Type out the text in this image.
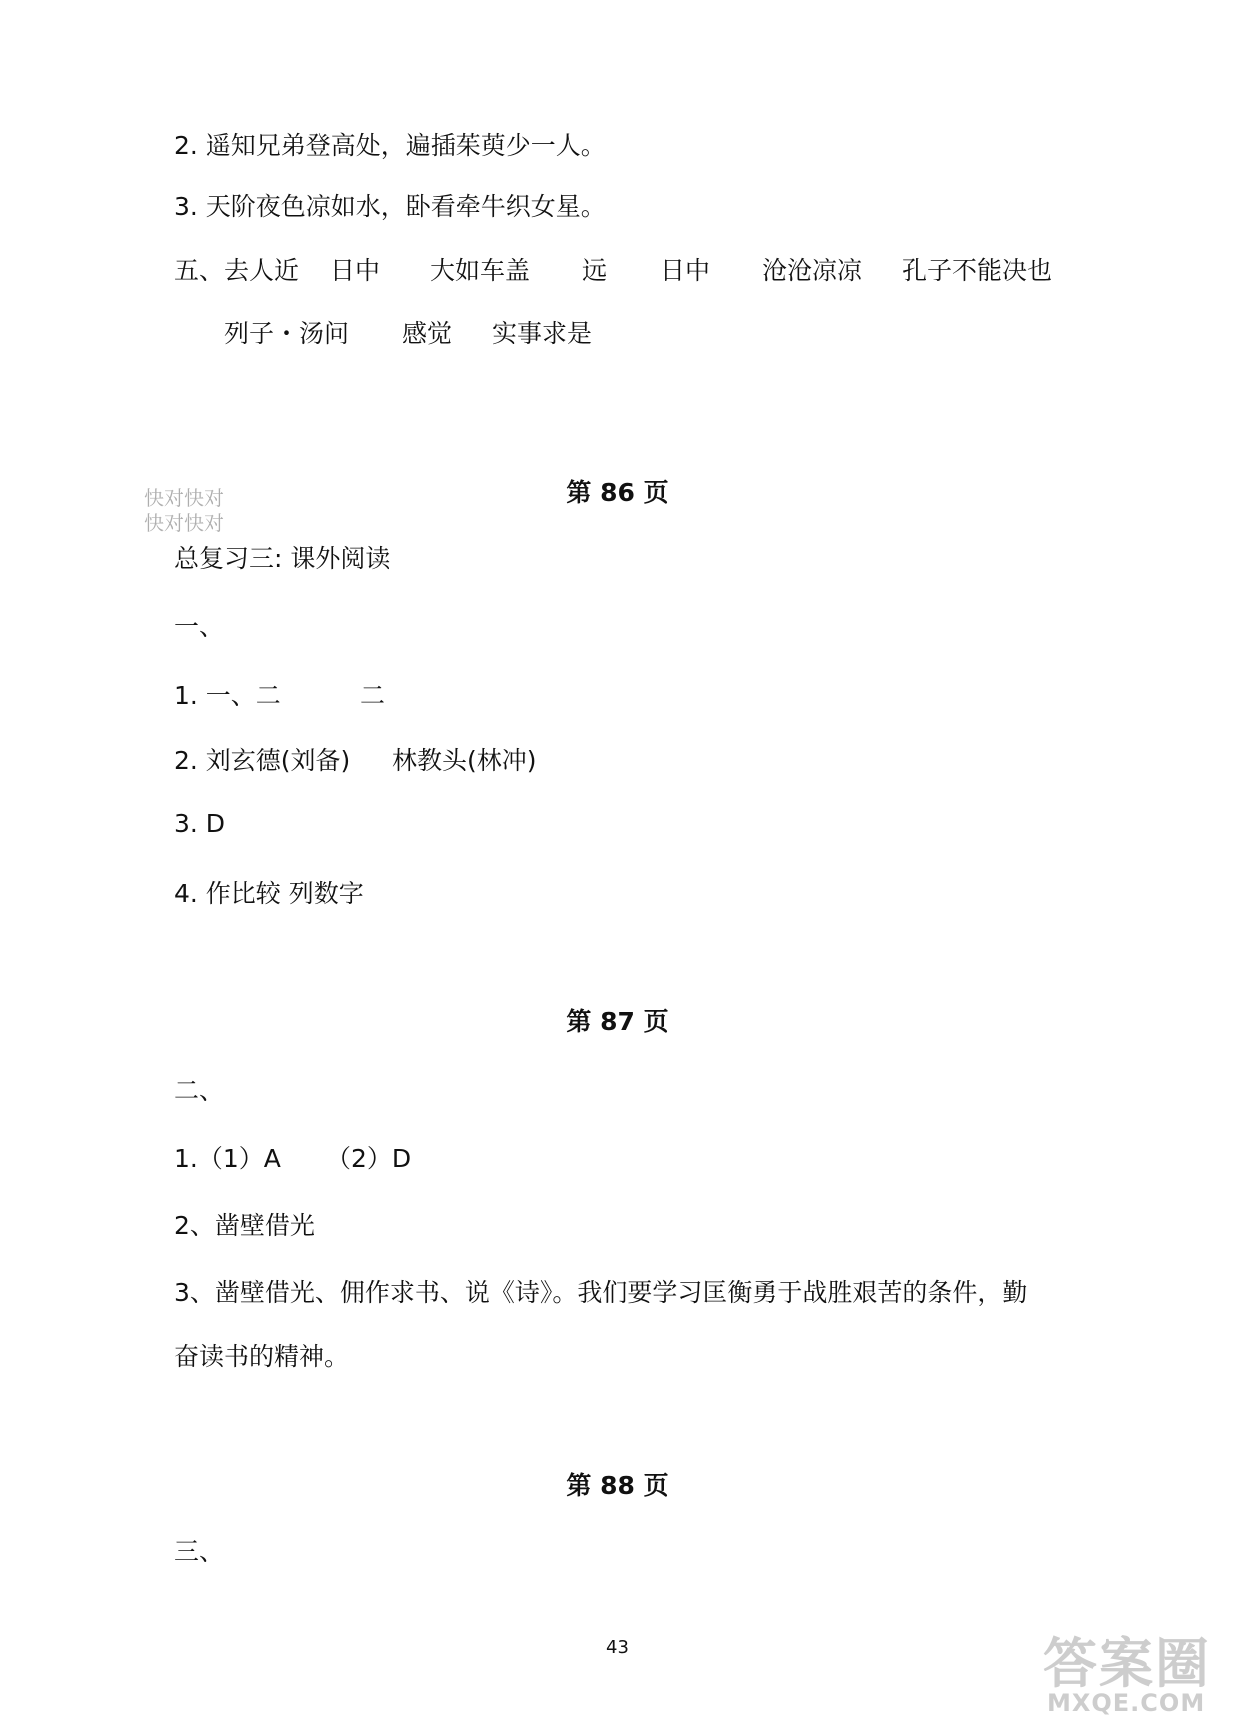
2. 遥知兄弟登高处，遍插茱萸少一人。
3. 天阶夜色凉如水，卧看牵牛织女星。
五、去人近 日中 大如车盖 远 日中 沧沧凉凉 孔子不能决也
列子・汤问 感觉 实事求是
快对快对
快对快对
第 86 页
总复习三: 课外阅读
一、
1. 一、二	二
2. 刘玄德(刘备) 林教头(林冲)
3. D
4. 作比较 列数字
第 87 页
二、
1.（1）A （2）D
2、凿壁借光
3、凿壁借光、佣作求书、说《诗》。我们要学习匡衡勇于战胜艰苦的条件，勤
奋读书的精神。
第 88 页
三、
43	答案圈
MXQE.COM
